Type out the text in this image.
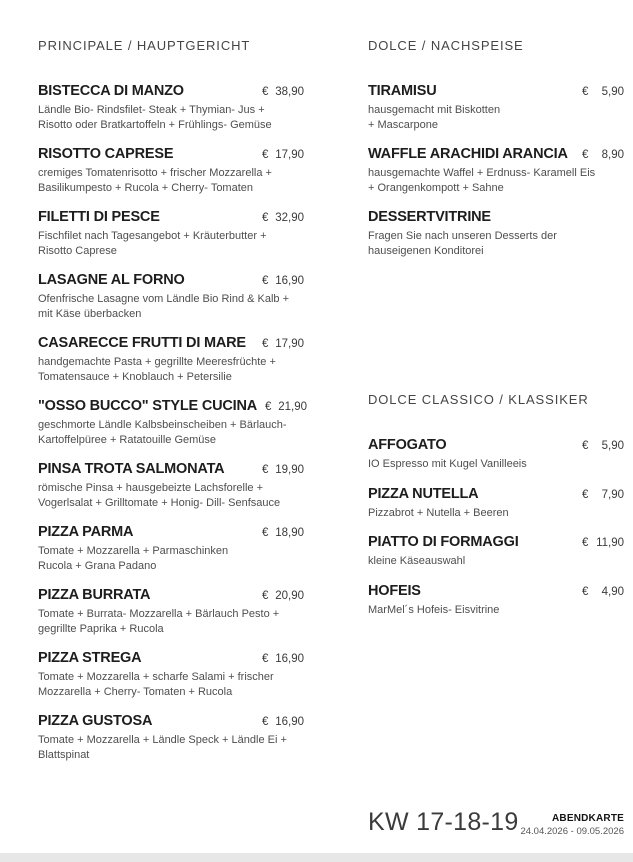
PRINCIPALE / HAUPTGERICHT
BISTECCA DI MANZO	€ 38,90
Ländle Bio- Rindsfilet- Steak + Thymian- Jus +
Risotto oder Bratkartoffeln + Frühlings- Gemüse
RISOTTO CAPRESE	€ 17,90
cremiges Tomatenrisotto + frischer Mozzarella +
Basilikumpesto + Rucola + Cherry- Tomaten
FILETTI DI PESCE	€ 32,90
Fischfilet nach Tagesangebot + Kräuterbutter +
Risotto Caprese
LASAGNE AL FORNO	€ 16,90
Ofenfrische Lasagne vom Ländle Bio Rind & Kalb +
mit Käse überbacken
CASARECCE FRUTTI DI MARE € 17,90
handgemachte Pasta + gegrillte Meeresfrüchte +
Tomatensauce + Knoblauch + Petersilie
"OSSO BUCCO" STYLE CUCINA € 21,90
geschmorte Ländle Kalbsbeinscheiben + Bärlauch-
Kartoffelpüree + Ratatouille Gemüse
PINSA TROTA SALMONATA	€ 19,90
römische Pinsa + hausgebeizte Lachsforelle +
Vogerlsalat + Grilltomate + Honig- Dill- Senfsauce
PIZZA PARMA	€ 18,90
Tomate + Mozzarella + Parmaschinken
Rucola + Grana Padano
PIZZA BURRATA	€ 20,90
Tomate + Burrata- Mozzarella + Bärlauch Pesto +
gegrillte Paprika + Rucola
PIZZA STREGA	€ 16,90
Tomate + Mozzarella + scharfe Salami + frischer
Mozzarella + Cherry- Tomaten + Rucola
PIZZA GUSTOSA	€ 16,90
Tomate + Mozzarella + Ländle Speck + Ländle Ei +
Blattspinat
DOLCE / NACHSPEISE
TIRAMISU	€ 5,90
hausgemacht mit Biskotten
+ Mascarpone
WAFFLE ARACHIDI ARANCIA € 8,90
hausgemachte Waffel + Erdnuss- Karamell Eis
+ Orangenkompott + Sahne
DESSERTVITRINE
Fragen Sie nach unseren Desserts der
hauseigenen Konditorei
DOLCE CLASSICO / KLASSIKER
AFFOGATO	€ 5,90
IO Espresso mit Kugel Vanilleeis
PIZZA NUTELLA	€ 7,90
Pizzabrot + Nutella + Beeren
PIATTO DI FORMAGGI	€ 11,90
kleine Käseauswahl
HOFEIS	€ 4,90
MarMel´s Hofeis- Eisvitrine
KW 17-18-19	ABENDKARTE
24.04.2026 - 09.05.2026
